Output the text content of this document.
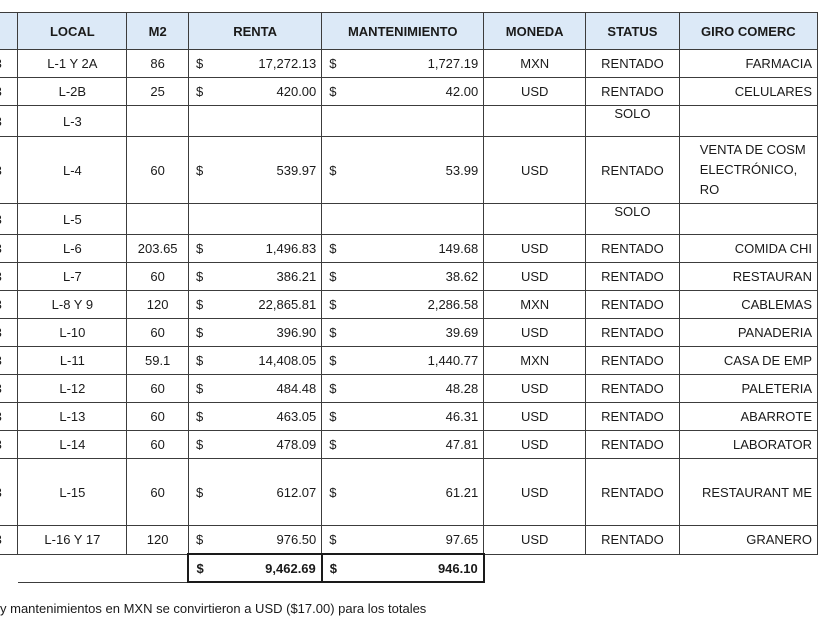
	LOCAL	M2	RENTA	MANTENIMIENTO	MONEDA	STATUS	GIRO COMERC
	L-1 Y 2A	86	$ 17,272.13	$ 1,727.19	MXN	RENTADO	FARMACIA
	L-2B	25	$ 420.00	$ 42.00	USD	RENTADO	CELULARES
	L-3					SOLO	
	L-4	60	$ 539.97	$ 53.99	USD	RENTADO	VENTA DE COSM ELECTRÓNICO, RO
	L-5					SOLO	
	L-6	203.65	$ 1,496.83	$ 149.68	USD	RENTADO	COMIDA CHI
	L-7	60	$ 386.21	$ 38.62	USD	RENTADO	RESTAURAN
	L-8 Y 9	120	$ 22,865.81	$ 2,286.58	MXN	RENTADO	CABLEMAS
	L-10	60	$ 396.90	$ 39.69	USD	RENTADO	PANADERIA
	L-11	59.1	$ 14,408.05	$ 1,440.77	MXN	RENTADO	CASA DE EMP
	L-12	60	$ 484.48	$ 48.28	USD	RENTADO	PALETERIA
	L-13	60	$ 463.05	$ 46.31	USD	RENTADO	ABARROTE
	L-14	60	$ 478.09	$ 47.81	USD	RENTADO	LABORATOR
	L-15	60	$ 612.07	$ 61.21	USD	RENTADO	RESTAURANT ME
	L-16 Y 17	120	$ 976.50	$ 97.65	USD	RENTADO	GRANERO

			$ 9,462.69	$ 946.10			

y mantenimientos en MXN se convirtieron a USD ($17.00) para los totales
